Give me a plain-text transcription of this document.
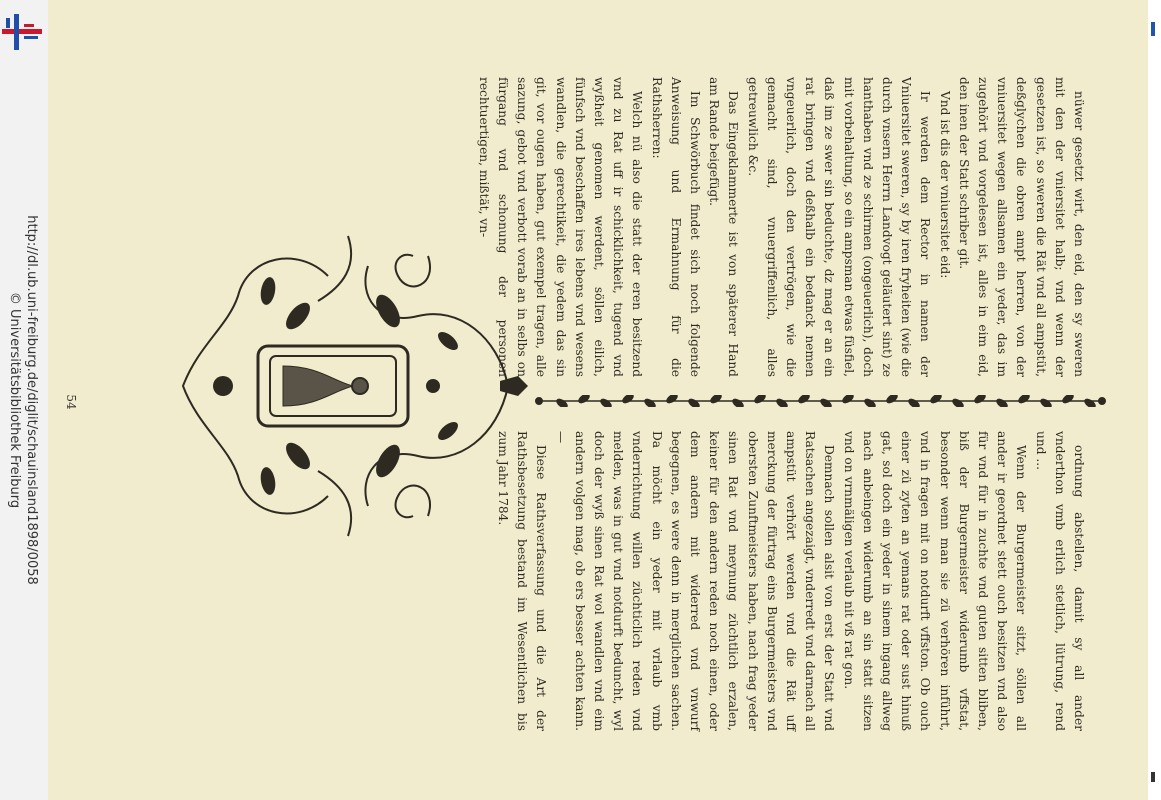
http://dl.ub.uni-freiburg.de/diglit/schauinsland1898/0058
© Universitätsbibliothek Freiburg

nüwer gesetzt wirt, den eid, den sy sweren mit den der vniersitet halb; vnd wenn der gesetzen ist, so sweren die Rät vnd all ampstüt, deßglychen die obren ampt herren, von der vniuersitet wegen allsamen ein yeder, das im zugehört vnd vorgelesen ist, alles in eim eid, den inen der Statt schriber git.

Vnd ist dis der vniuersitet eid:

Ir werden dem Rector in namen der Vniuersitet sweren, sy by iren fryheiten (wie die durch vnsern Herrn Landvogt geläutert sint) ze hanthaben vnd ze schirmen (ongeuerlich), doch mit vorbehaltung, so ein ampsman etwas füsfiel, daß im ze swer sin beduchte, dz mag er an ein rat bringen vnd deßhalb ein bedanck nemen vngeuerlich, doch den vertrögen, wie die gemacht sind, vnuergriffenlich, alles getreuwlich &c.

Das Eingeklammerte ist von späterer Hand am Rande beigefügt.

Im Schwörbuch findet sich noch folgende Anweisung und Ermahnung für die Rathsherren:

Welch nü also die statt der eren besitzend vnd zu Rat uff ir schicklichkeit, tugend vnd wyßheit genomen werdent, söllen eilich, fünfsch vnd beschaffen ires lebens vnd wesens wandlen, die gerechtikeit, die yedem das sin git, vor ougen haben, gut exempel tragen, alle sazung, gebot vnd verbott vorab an in selbs on fürgang vnd schonung der personen rechtuertigen, mißtät, vn-

ordnung abstellen, damit sy all ander vnderthon vmb erlich stetlich, lütrung, rend und ...

Wenn der Burgermeister sitzt, söllen all ander ir geordnet stett ouch besitzen vnd also für vnd für in zuchte vnd guten sitten bliben, biß der Burgermeister widerumb vffstat, besonder wenn man sie zü verhören inführt, vnd in fragen mit on notdurft vffston. Ob ouch einer zü zyten an yemans rat oder sust hinuß gat, sol doch ein yeder in sinem ingang allweg nach anbeingen widerumb an sin statt sitzen vnd on vrnmäligen verlaub nit vß rat gon.

Demnach sollen alsit von erst der Statt vnd Ratsachen angezaigt, vnderredt vnd darnach all ampstüt verhört werden vnd die Rät uff merckung der fürtrag eins Burgermeisters vnd obersten Zunftmeisters haben, nach frag yeder sinen Rat vnd meynung züchtlich erzalen, keiner für den andern reden noch einen, oder dem andern mit widerred vnd vnwurf begegnen, es were denn in merglichen sachen. Da möcht ein yeder mit vrlaub vmb vnderrichtung willen züchticlich reden vnd melden, was in gut vnd notdurft beduncht, wyl doch der wyß sinen Rat wol wandlen vnd eim andern volgen mag, ob ers besser achten kann. —

Diese Rathsverfassung und die Art der Rathsbesetzung bestand im Wesentlichen bis zum Jahr 1784.

54
